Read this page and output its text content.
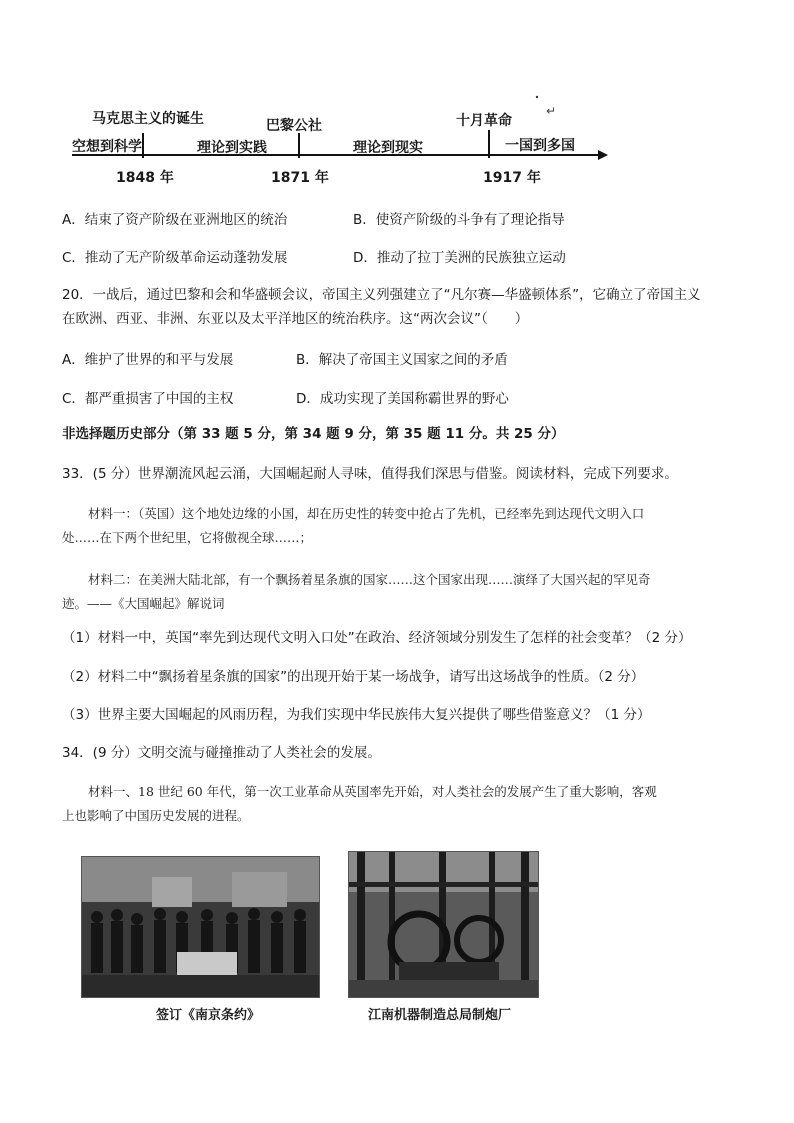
马克思主义的诞生
空想到科学	理论到实践
巴黎公社
理论到现实
十月革命
一国到多国
↵
1848 年	1871 年	1917 年
A．结束了资产阶级在亚洲地区的统治	B．使资产阶级的斗争有了理论指导
C．推动了无产阶级革命运动蓬勃发展	D．推动了拉丁美洲的民族独立运动
20．一战后，通过巴黎和会和华盛顿会议，帝国主义列强建立了“凡尔赛—华盛顿体系”，它确立了帝国主义
在欧洲、西亚、非洲、东亚以及太平洋地区的统治秩序。这“两次会议”（　　）
A．维护了世界的和平与发展	B．解决了帝国主义国家之间的矛盾
C．都严重损害了中国的主权	D．成功实现了美国称霸世界的野心
非选择题历史部分（第 33 题 5 分，第 34 题 9 分，第 35 题 11 分。共 25 分）
33．(5 分）世界潮流风起云涌，大国崛起耐人寻味，值得我们深思与借鉴。阅读材料，完成下列要求。
材料一：（英国）这个地处边缘的小国，却在历史性的转变中抢占了先机，已经率先到达现代文明入口
处……在下两个世纪里，它将傲视全球……；
材料二：在美洲大陆北部，有一个飘扬着星条旗的国家……这个国家出现……演绎了大国兴起的罕见奇
迹。——《大国崛起》解说词
（1）材料一中，英国“率先到达现代文明入口处”在政治、经济领域分别发生了怎样的社会变革？（2 分）
（2）材料二中“飘扬着星条旗的国家”的出现开始于某一场战争，请写出这场战争的性质。（2 分）
（3）世界主要大国崛起的风雨历程，为我们实现中华民族伟大复兴提供了哪些借鉴意义？（1 分）
34．(9 分）文明交流与碰撞推动了人类社会的发展。
材料一、18 世纪 60 年代，第一次工业革命从英国率先开始，对人类社会的发展产生了重大影响，客观
上也影响了中国历史发展的进程。
签订《南京条约》	江南机器制造总局制炮厂
